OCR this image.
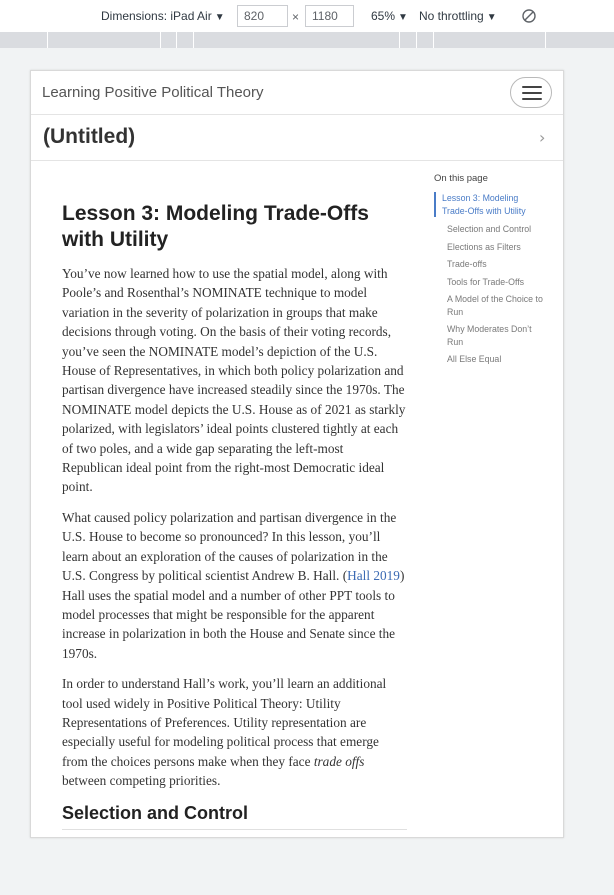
Dimensions: iPad Air ▼	820	×	1180	65% ▼ No throttling ▼
Learning Positive Political Theory
(Untitled)	›
Lesson 3: Modeling Trade-Offs with Utility

You’ve now learned how to use the spatial model, along with Poole’s and Rosenthal’s NOMINATE technique to model variation in the severity of polarization in groups that make decisions through voting. On the basis of their voting records, you’ve seen the NOMINATE model’s depiction of the U.S. House of Representatives, in which both policy polarization and partisan divergence have increased steadily since the 1970s. The NOMINATE model depicts the U.S. House as of 2021 as starkly polarized, with legislators’ ideal points clustered tightly at each of two poles, and a wide gap separating the left-most Republican ideal point from the right-most Democratic ideal point.

What caused policy polarization and partisan divergence in the U.S. House to become so pronounced? In this lesson, you’ll learn about an exploration of the causes of polarization in the U.S. Congress by political scientist Andrew B. Hall. (Hall 2019) Hall uses the spatial model and a number of other PPT tools to model processes that might be responsible for the apparent increase in polarization in both the House and Senate since the 1970s.

In order to understand Hall’s work, you’ll learn an additional tool used widely in Positive Political Theory: Utility Representations of Preferences. Utility representation are especially useful for modeling political process that emerge from the choices persons make when they face trade offs between competing priorities.

Selection and Control
On this page
Lesson 3: Modeling Trade-Offs with Utility
Selection and Control
Elections as Filters
Trade-offs
Tools for Trade-Offs
A Model of the Choice to Run
Why Moderates Don’t Run
All Else Equal
